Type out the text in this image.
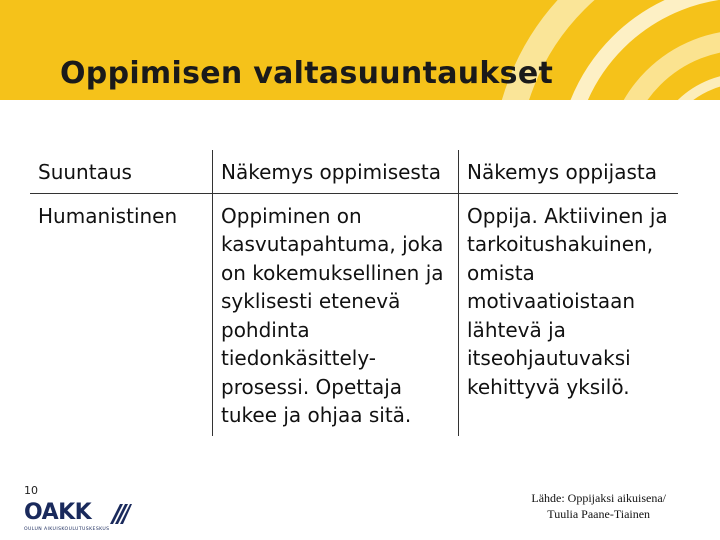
Oppimisen valtasuuntaukset
Suuntaus	Näkemys oppimisesta	Näkemys oppijasta
Humanistinen	Oppiminen on kasvutapahtuma, joka on kokemuksellinen ja syklisesti etenevä pohdinta tiedonkäsittely-prosessi. Opettaja tukee ja ohjaa sitä.	Oppija. Aktiivinen ja tarkoitushakuinen, omista motivaatioistaan lähtevä ja itseohjautuvaksi kehittyvä yksilö.
10
OAKK
OULUN AIKUISKOULUTUSKESKUS
Lähde: Oppijaksi aikuisena/
Tuulia Paane-Tiainen
